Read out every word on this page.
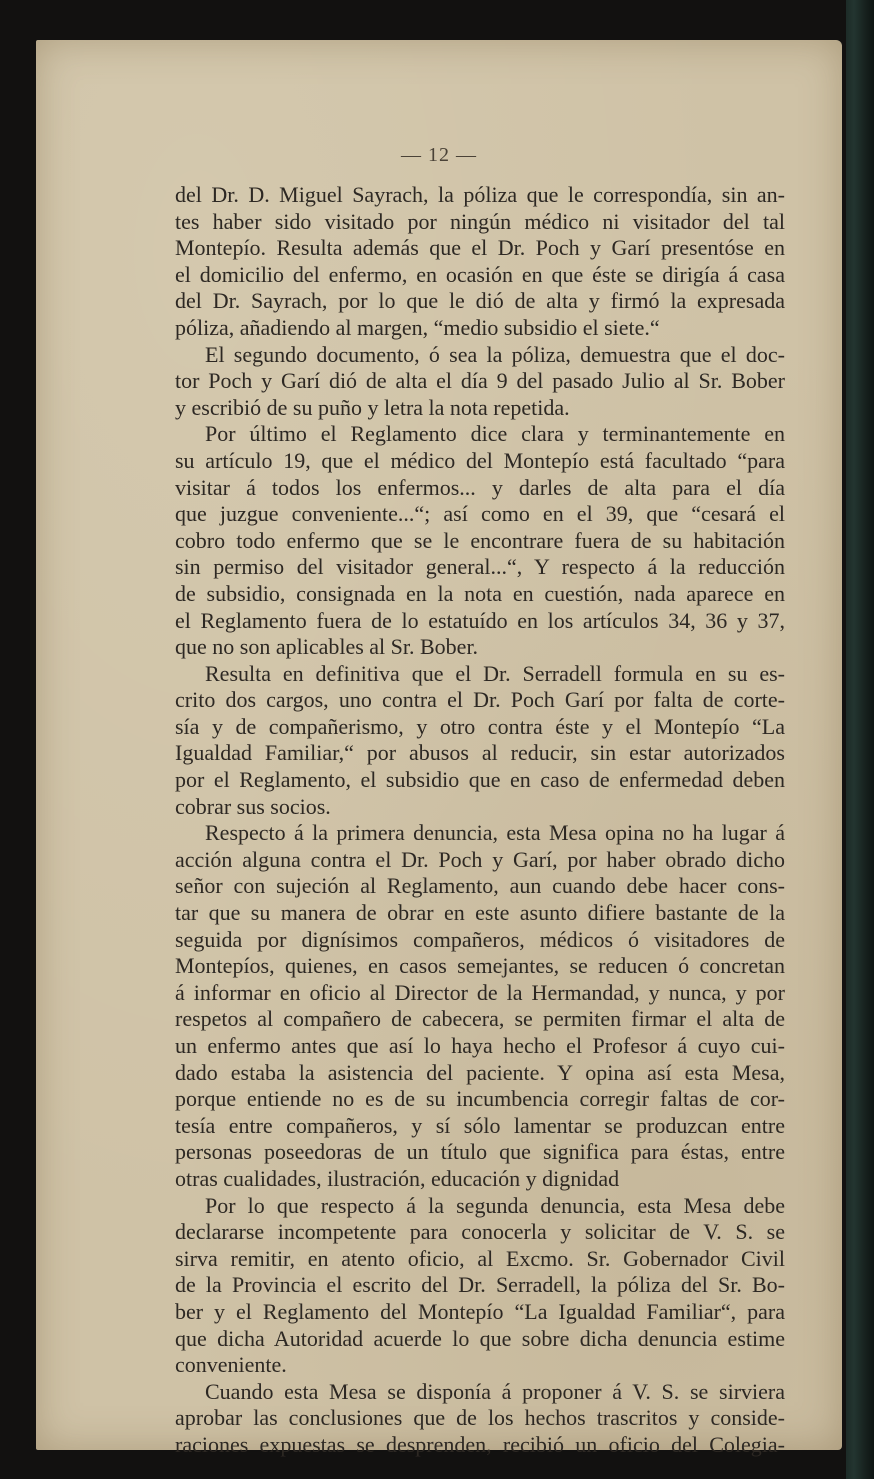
— 12 —
del Dr. D. Miguel Sayrach, la póliza que le correspondía, sin an-
tes haber sido visitado por ningún médico ni visitador del tal
Montepío. Resulta además que el Dr. Poch y Garí presentóse en
el domicilio del enfermo, en ocasión en que éste se dirigía á casa
del Dr. Sayrach, por lo que le dió de alta y firmó la expresada
póliza, añadiendo al margen, “medio subsidio el siete.“
El segundo documento, ó sea la póliza, demuestra que el doc-
tor Poch y Garí dió de alta el día 9 del pasado Julio al Sr. Bober
y escribió de su puño y letra la nota repetida.
Por último el Reglamento dice clara y terminantemente en
su artículo 19, que el médico del Montepío está facultado “para
visitar á todos los enfermos... y darles de alta para el día
que juzgue conveniente...“; así como en el 39, que “cesará el
cobro todo enfermo que se le encontrare fuera de su habitación
sin permiso del visitador general...“, Y respecto á la reducción
de subsidio, consignada en la nota en cuestión, nada aparece en
el Reglamento fuera de lo estatuído en los artículos 34, 36 y 37,
que no son aplicables al Sr. Bober.
Resulta en definitiva que el Dr. Serradell formula en su es-
crito dos cargos, uno contra el Dr. Poch Garí por falta de corte-
sía y de compañerismo, y otro contra éste y el Montepío “La
Igualdad Familiar,“ por abusos al reducir, sin estar autorizados
por el Reglamento, el subsidio que en caso de enfermedad deben
cobrar sus socios.
Respecto á la primera denuncia, esta Mesa opina no ha lugar á
acción alguna contra el Dr. Poch y Garí, por haber obrado dicho
señor con sujeción al Reglamento, aun cuando debe hacer cons-
tar que su manera de obrar en este asunto difiere bastante de la
seguida por dignísimos compañeros, médicos ó visitadores de
Montepíos, quienes, en casos semejantes, se reducen ó concretan
á informar en oficio al Director de la Hermandad, y nunca, y por
respetos al compañero de cabecera, se permiten firmar el alta de
un enfermo antes que así lo haya hecho el Profesor á cuyo cui-
dado estaba la asistencia del paciente. Y opina así esta Mesa,
porque entiende no es de su incumbencia corregir faltas de cor-
tesía entre compañeros, y sí sólo lamentar se produzcan entre
personas poseedoras de un título que significa para éstas, entre
otras cualidades, ilustración, educación y dignidad
Por lo que respecto á la segunda denuncia, esta Mesa debe
declararse incompetente para conocerla y solicitar de V. S. se
sirva remitir, en atento oficio, al Excmo. Sr. Gobernador Civil
de la Provincia el escrito del Dr. Serradell, la póliza del Sr. Bo-
ber y el Reglamento del Montepío “La Igualdad Familiar“, para
que dicha Autoridad acuerde lo que sobre dicha denuncia estime
conveniente.
Cuando esta Mesa se disponía á proponer á V. S. se sirviera
aprobar las conclusiones que de los hechos trascritos y conside-
raciones expuestas se desprenden, recibió un oficio del Colegia-
